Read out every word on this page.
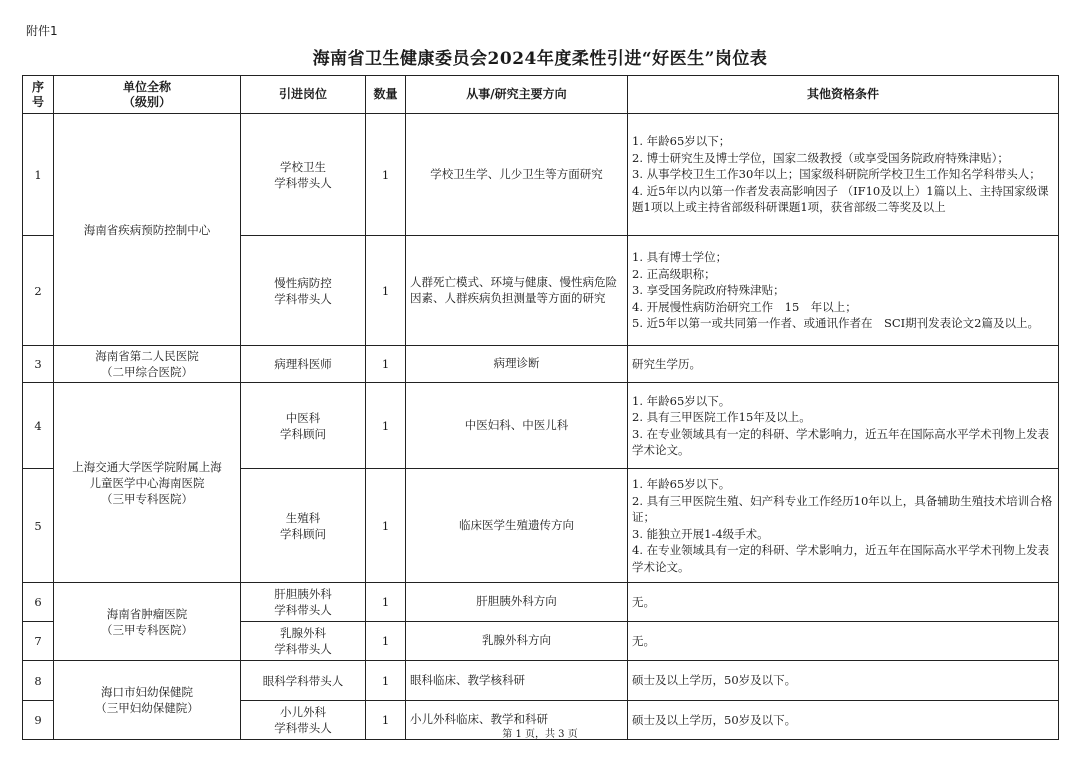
附件1
海南省卫生健康委员会2024年度柔性引进“好医生”岗位表
序
号	单位全称
（级别）	引进岗位	数量	从事/研究主要方向	其他资格条件
1	海南省疾病预防控制中心	学校卫生
学科带头人	1	学校卫生学、儿少卫生等方面研究	1. 年龄65岁以下；
2. 博士研究生及博士学位，国家二级教授（或享受国务院政府特殊津贴）；
3. 从事学校卫生工作30年以上；国家级科研院所学校卫生工作知名学科带头人；
4. 近5年以内以第一作者发表高影响因子 （IF10及以上）1篇以上、主持国家级课题1项以上或主持省部级科研课题1项，获省部级二等奖及以上
2		慢性病防控
学科带头人	1	人群死亡模式、环境与健康、慢性病危险因素、人群疾病负担测量等方面的研究	1. 具有博士学位；
2. 正高级职称；
3. 享受国务院政府特殊津贴；
4. 开展慢性病防治研究工作　15　年以上；
5. 近5年以第一或共同第一作者、或通讯作者在　SCI期刊发表论文2篇及以上。
3	海南省第二人民医院
（二甲综合医院）	病理科医师	1	病理诊断	研究生学历。
4	上海交通大学医学院附属上海
儿童医学中心海南医院
（三甲专科医院）	中医科
学科顾问	1	中医妇科、中医儿科	1. 年龄65岁以下。
2. 具有三甲医院工作15年及以上。
3. 在专业领域具有一定的科研、学术影响力，近五年在国际高水平学术刊物上发表学术论文。
5		生殖科
学科顾问	1	临床医学生殖遗传方向	1. 年龄65岁以下。
2. 具有三甲医院生殖、妇产科专业工作经历10年以上，具备辅助生殖技术培训合格证；
3. 能独立开展1-4级手术。
4. 在专业领域具有一定的科研、学术影响力，近五年在国际高水平学术刊物上发表学术论文。
6	海南省肿瘤医院
（三甲专科医院）	肝胆胰外科
学科带头人	1	肝胆胰外科方向	无。
7		乳腺外科
学科带头人	1	乳腺外科方向	无。
8	海口市妇幼保健院
（三甲妇幼保健院）	眼科学科带头人	1	眼科临床、教学核科研	硕士及以上学历，50岁及以下。
9		小儿外科
学科带头人	1	小儿外科临床、教学和科研	硕士及以上学历，50岁及以下。
第 1 页，共 3 页
